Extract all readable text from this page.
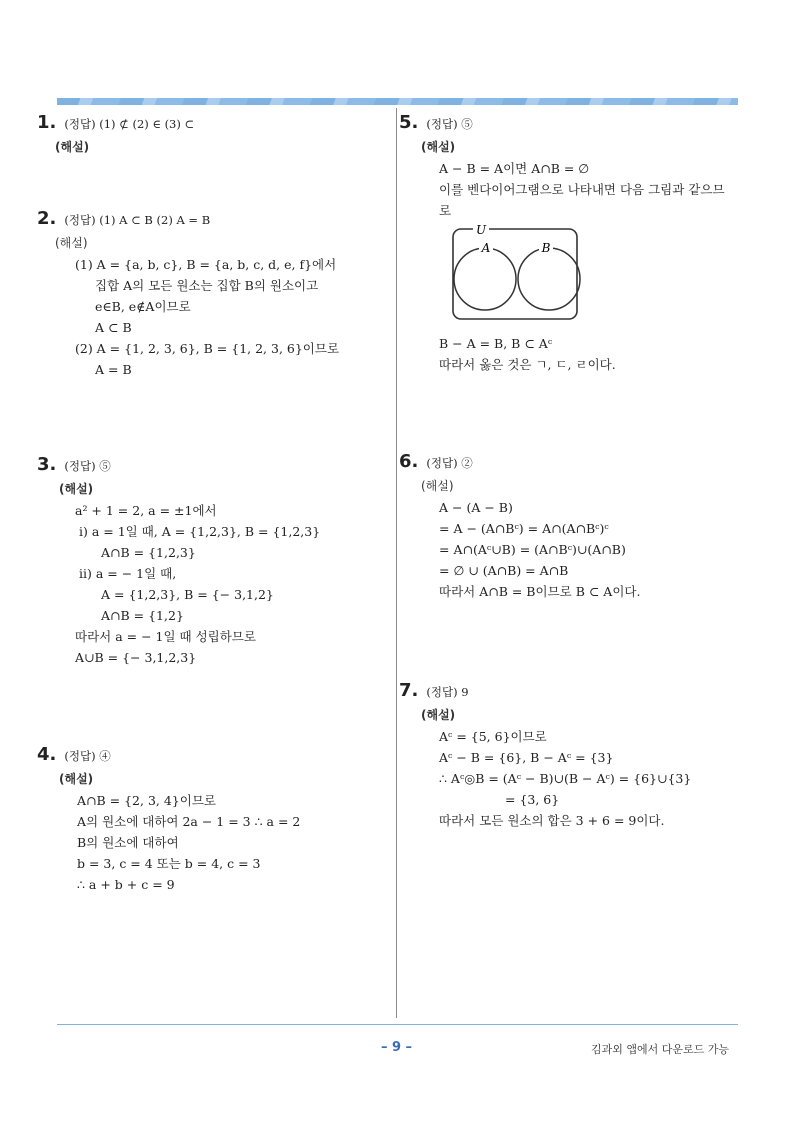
1. (정답) (1) ⊄ (2) ∈ (3) ⊂
(해설)
2. (정답) (1) A ⊂ B (2) A = B
(해설)
(1) A = {a, b, c}, B = {a, b, c, d, e, f}에서
집합 A의 모든 원소는 집합 B의 원소이고
e∈B, e∉A이므로
A ⊂ B
(2) A = {1, 2, 3, 6}, B = {1, 2, 3, 6}이므로
A = B
3. (정답) ⑤
(해설)
a² + 1 = 2, a = ±1에서
ⅰ) a = 1일 때, A = {1,2,3}, B = {1,2,3}
A∩B = {1,2,3}
ⅱ) a = − 1일 때,
A = {1,2,3}, B = {− 3,1,2}
A∩B = {1,2}
따라서 a = − 1일 때 성립하므로
A∪B = {− 3,1,2,3}
4. (정답) ④
(해설)
A∩B = {2, 3, 4}이므로
A의 원소에 대하여 2a − 1 = 3 ∴ a = 2
B의 원소에 대하여
b = 3, c = 4 또는 b = 4, c = 3
∴ a + b + c = 9
5. (정답) ⑤
(해설)
A − B = A이면 A∩B = ∅
이를 벤다이어그램으로 나타내면 다음 그림과 같으므
로
U
A	B
B − A = B, B ⊂ Aᶜ
따라서 옳은 것은 ㄱ, ㄷ, ㄹ이다.
6. (정답) ②
(해설)
A − (A − B)
= A − (A∩Bᶜ) = A∩(A∩Bᶜ)ᶜ
= A∩(Aᶜ∪B) = (A∩Bᶜ)∪(A∩B)
= ∅ ∪ (A∩B) = A∩B
따라서 A∩B = B이므로 B ⊂ A이다.
7. (정답) 9
(해설)
Aᶜ = {5, 6}이므로
Aᶜ − B = {6}, B − Aᶜ = {3}
∴ Aᶜ◎B = (Aᶜ − B)∪(B − Aᶜ) = {6}∪{3}
= {3, 6}
따라서 모든 원소의 합은 3 + 6 = 9이다.
– 9 –	김과외 앱에서 다운로드 가능
